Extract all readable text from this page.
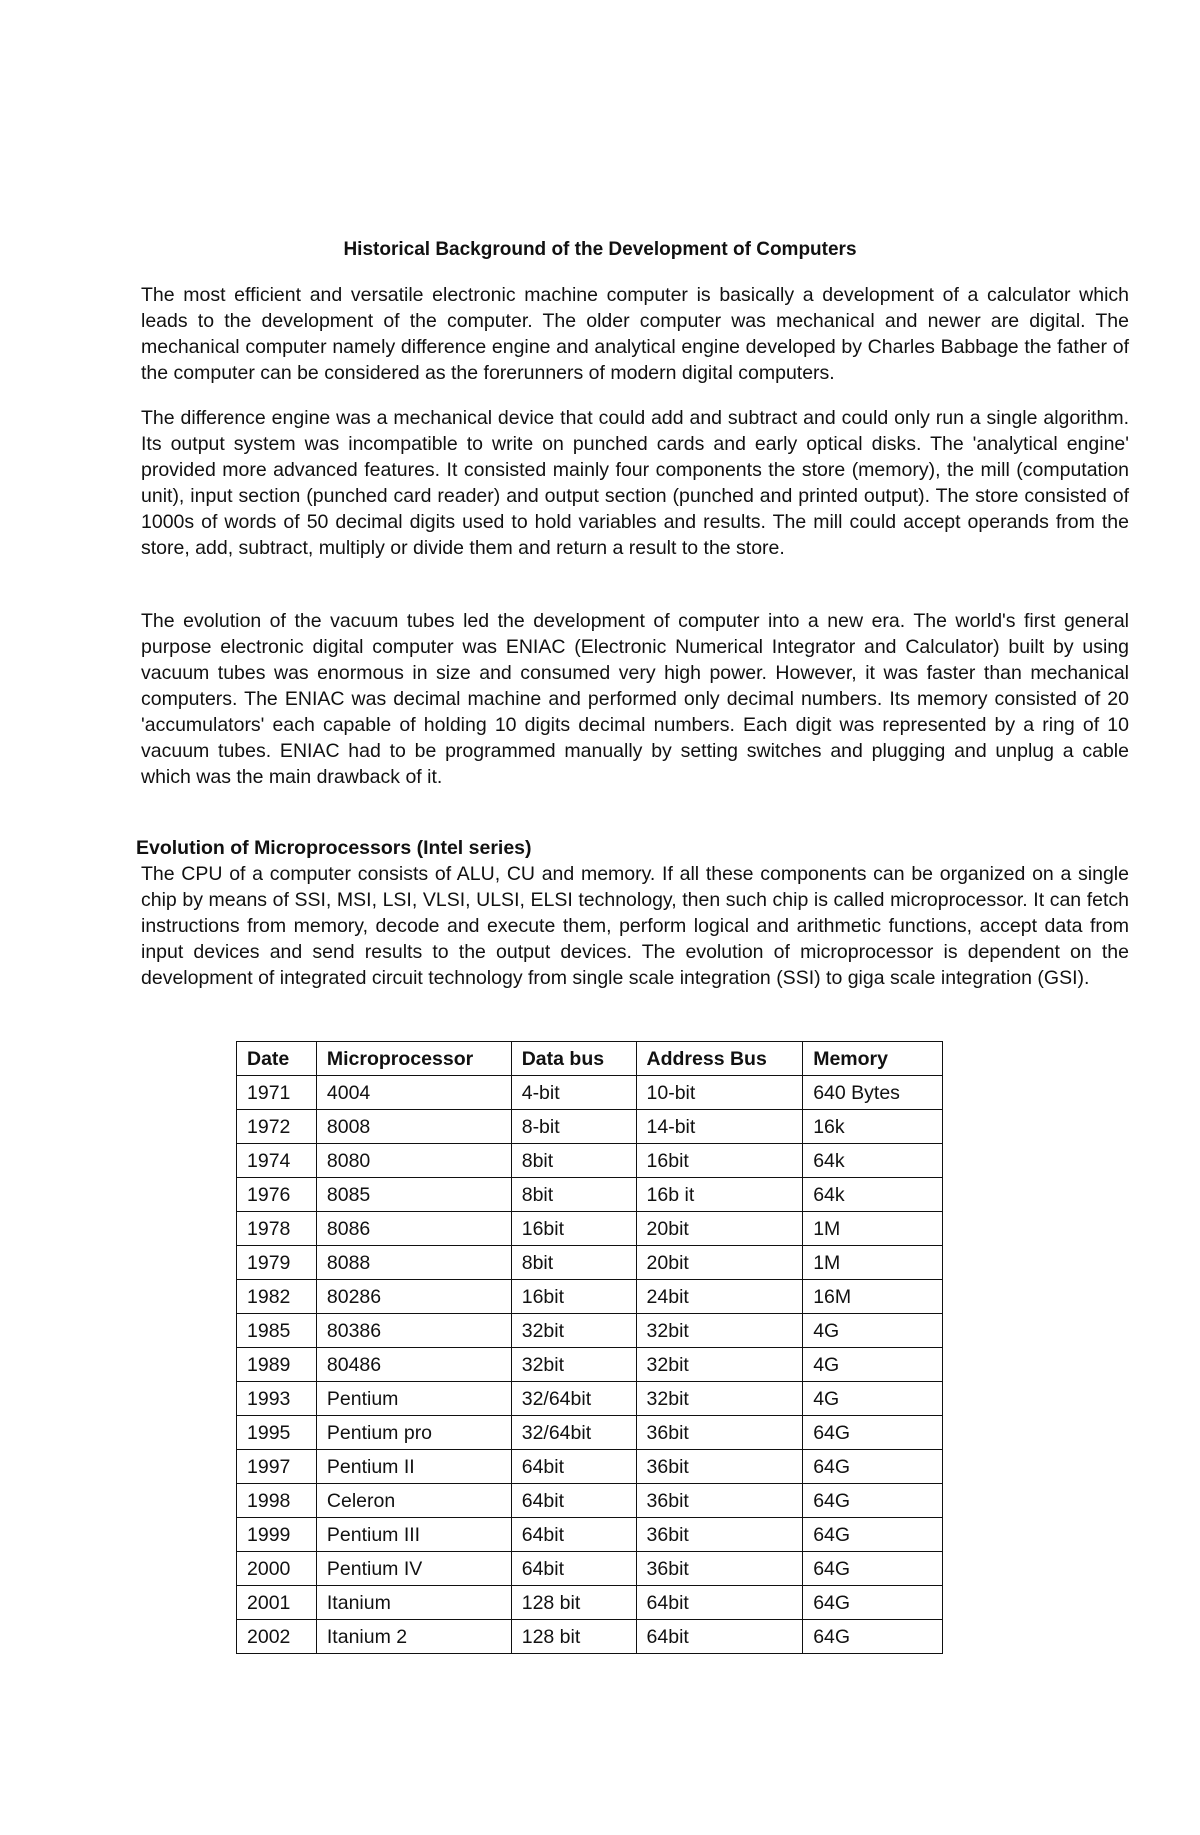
Historical Background of the Development of Computers

The most efficient and versatile electronic machine computer is basically a development of a calculator which leads to the development of the computer. The older computer was mechanical and newer are digital. The mechanical computer namely difference engine and analytical engine developed by Charles Babbage the father of the computer can be considered as the forerunners of modern digital computers.

The difference engine was a mechanical device that could add and subtract and could only run a single algorithm. Its output system was incompatible to write on punched cards and early optical disks. The 'analytical engine' provided more advanced features. It consisted mainly four components the store (memory), the mill (computation unit), input section (punched card reader) and output section (punched and printed output). The store consisted of 1000s of words of 50 decimal digits used to hold variables and results. The mill could accept operands from the store, add, subtract, multiply or divide them and return a result to the store.

The evolution of the vacuum tubes led the development of computer into a new era. The world's first general purpose electronic digital computer was ENIAC (Electronic Numerical Integrator and Calculator) built by using vacuum tubes was enormous in size and consumed very high power. However, it was faster than mechanical computers. The ENIAC was decimal machine and performed only decimal numbers. Its memory consisted of 20 'accumulators' each capable of holding 10 digits decimal numbers. Each digit was represented by a ring of 10 vacuum tubes. ENIAC had to be programmed manually by setting switches and plugging and unplug a cable which was the main drawback of it.

Evolution of Microprocessors (Intel series)

The CPU of a computer consists of ALU, CU and memory. If all these components can be organized on a single chip by means of SSI, MSI, LSI, VLSI, ULSI, ELSI technology, then such chip is called microprocessor. It can fetch instructions from memory, decode and execute them, perform logical and arithmetic functions, accept data from input devices and send results to the output devices. The evolution of microprocessor is dependent on the development of integrated circuit technology from single scale integration (SSI) to giga scale integration (GSI).

Date	Microprocessor	Data bus	Address Bus	Memory
1971	4004	4-bit	10-bit	640 Bytes
1972	8008	8-bit	14-bit	16k
1974	8080	8bit	16bit	64k
1976	8085	8bit	16b it	64k
1978	8086	16bit	20bit	1M
1979	8088	8bit	20bit	1M
1982	80286	16bit	24bit	16M
1985	80386	32bit	32bit	4G
1989	80486	32bit	32bit	4G
1993	Pentium	32/64bit	32bit	4G
1995	Pentium pro	32/64bit	36bit	64G
1997	Pentium II	64bit	36bit	64G
1998	Celeron	64bit	36bit	64G
1999	Pentium III	64bit	36bit	64G
2000	Pentium IV	64bit	36bit	64G
2001	Itanium	128 bit	64bit	64G
2002	Itanium 2	128 bit	64bit	64G
